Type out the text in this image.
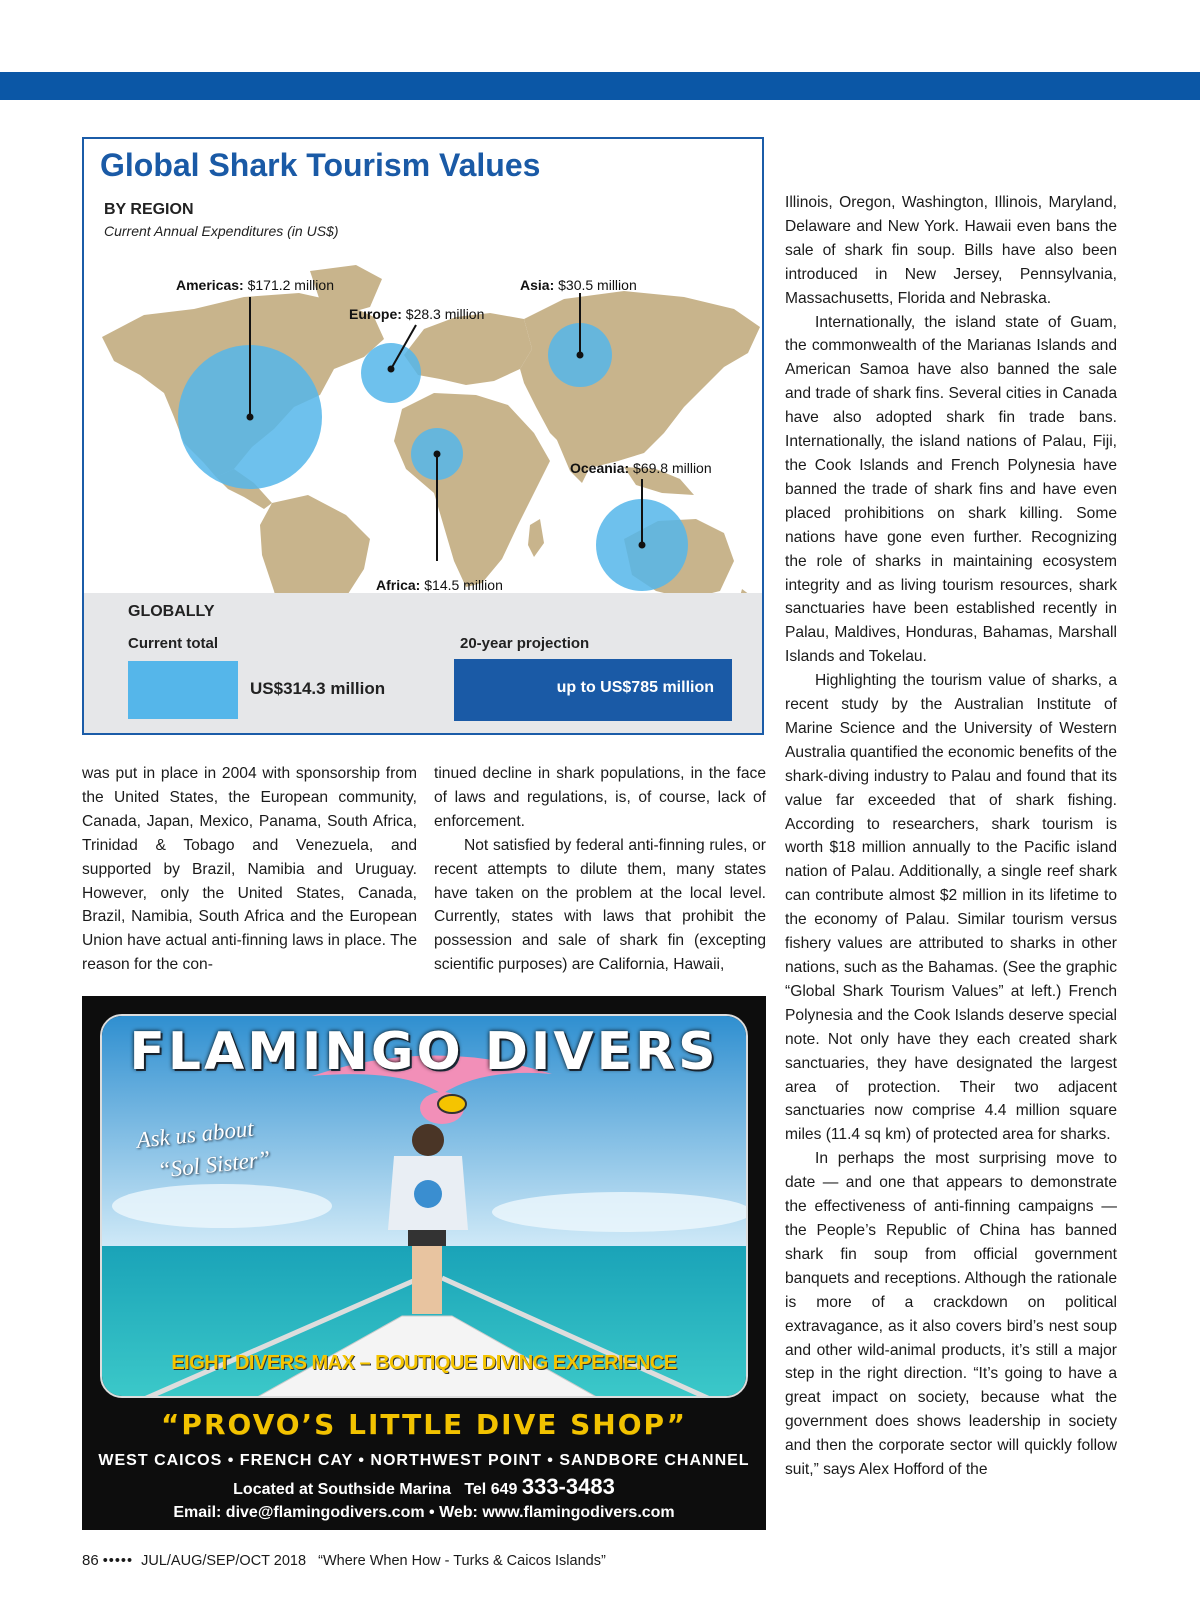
Global Shark Tourism Values
BY REGION
Current Annual Expenditures (in US$)
Americas: $171.2 million
Europe: $28.3 million
Asia: $30.5 million
Oceania: $69.8 million
Africa: $14.5 million
GLOBALLY
Current total	20-year projection
US$314.3 million	up to US$785 million

was put in place in 2004 with sponsorship from the United States, the European community, Canada, Japan, Mexico, Panama, South Africa, Trinidad & Tobago and Venezuela, and supported by Brazil, Namibia and Uruguay. However, only the United States, Canada, Brazil, Namibia, South Africa and the European Union have actual anti-finning laws in place. The reason for the con-

tinued decline in shark populations, in the face of laws and regulations, is, of course, lack of enforcement.

Not satisfied by federal anti-finning rules, or recent attempts to dilute them, many states have taken on the problem at the local level. Currently, states with laws that prohibit the possession and sale of shark fin (excepting scientific purposes) are California, Hawaii,

Illinois, Oregon, Washington, Illinois, Maryland, Delaware and New York. Hawaii even bans the sale of shark fin soup. Bills have also been introduced in New Jersey, Pennsylvania, Massachusetts, Florida and Nebraska.

Internationally, the island state of Guam, the commonwealth of the Marianas Islands and American Samoa have also banned the sale and trade of shark fins. Several cities in Canada have also adopted shark fin trade bans. Internationally, the island nations of Palau, Fiji, the Cook Islands and French Polynesia have banned the trade of shark fins and have even placed prohibitions on shark killing. Some nations have gone even further. Recognizing the role of sharks in maintaining ecosystem integrity and as living tourism resources, shark sanctuaries have been established recently in Palau, Maldives, Honduras, Bahamas, Marshall Islands and Tokelau.

Highlighting the tourism value of sharks, a recent study by the Australian Institute of Marine Science and the University of Western Australia quantified the economic benefits of the shark-diving industry to Palau and found that its value far exceeded that of shark fishing. According to researchers, shark tourism is worth $18 million annually to the Pacific island nation of Palau. Additionally, a single reef shark can contribute almost $2 million in its lifetime to the economy of Palau. Similar tourism versus fishery values are attributed to sharks in other nations, such as the Bahamas. (See the graphic “Global Shark Tourism Values” at left.) French Polynesia and the Cook Islands deserve special note. Not only have they each created shark sanctuaries, they have designated the largest area of protection. Their two adjacent sanctuaries now comprise 4.4 million square miles (11.4 sq km) of protected area for sharks.

In perhaps the most surprising move to date — and one that appears to demonstrate the effectiveness of anti-finning campaigns — the People’s Republic of China has banned shark fin soup from official government banquets and receptions. Although the rationale is more of a crackdown on political extravagance, as it also covers bird’s nest soup and other wild-animal products, it’s still a major step in the right direction. “It’s going to have a great impact on society, because what the government does shows leadership in society and then the corporate sector will quickly follow suit,” says Alex Hofford of the

FLAMINGO DIVERS
Ask us about
“Sol Sister”
EIGHT DIVERS MAX – BOUTIQUE DIVING EXPERIENCE
“PROVO’S LITTLE DIVE SHOP”
WEST CAICOS • FRENCH CAY • NORTHWEST POINT • SANDBORE CHANNEL
Located at Southside Marina Tel 649 333-3483
Email: dive@flamingodivers.com • Web: www.flamingodivers.com
86 ••••• JUL/AUG/SEP/OCT 2018 “Where When How - Turks & Caicos Islands”
